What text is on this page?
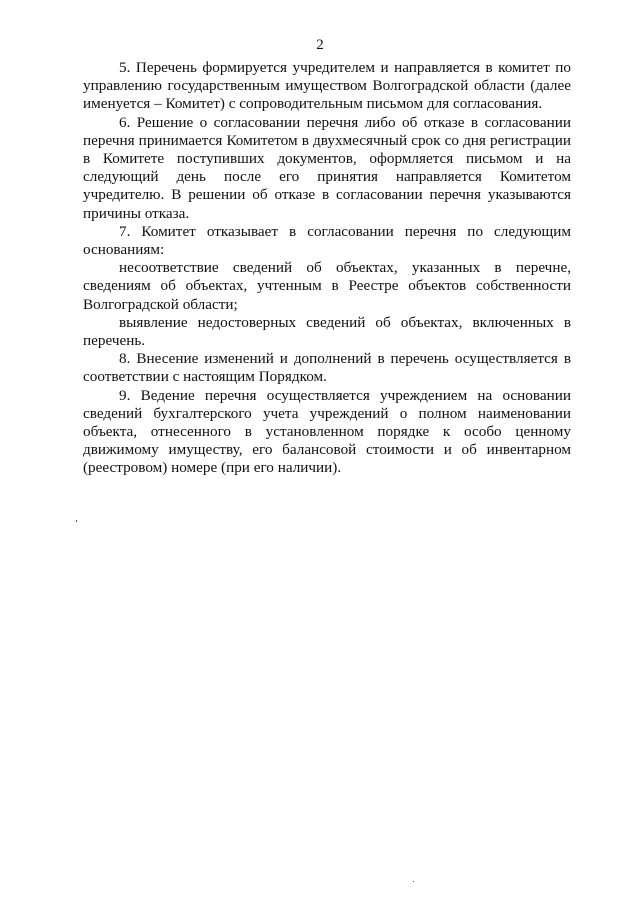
2

5. Перечень формируется учредителем и направляется в комитет по управлению государственным имуществом Волгоградской области (далее именуется – Комитет) с сопроводительным письмом для согласования.

6. Решение о согласовании перечня либо об отказе в согласовании перечня принимается Комитетом в двухмесячный срок со дня регистрации в Комитете поступивших документов, оформляется письмом и на следующий день после его принятия направляется Комитетом учредителю. В решении об отказе в согласовании перечня указываются причины отказа.

7. Комитет отказывает в согласовании перечня по следующим основаниям:

несоответствие сведений об объектах, указанных в перечне, сведениям об объектах, учтенным в Реестре объектов собственности Волгоградской области;

выявление недостоверных сведений об объектах, включенных в перечень.

8. Внесение изменений и дополнений в перечень осуществляется в соответствии с настоящим Порядком.

9. Ведение перечня осуществляется учреждением на основании сведений бухгалтерского учета учреждений о полном наименовании объекта, отнесенного в установленном порядке к особо ценному движимому имуществу, его балансовой стоимости и об инвентарном (реестровом) номере (при его наличии).
